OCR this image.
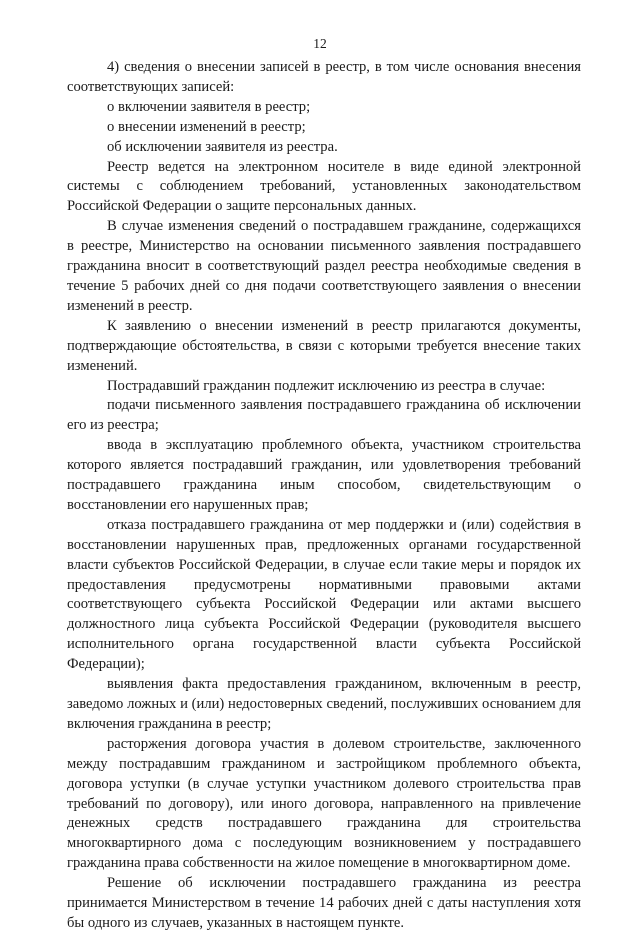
12

4) сведения о внесении записей в реестр, в том числе основания внесения соответствующих записей:

о включении заявителя в реестр;

о внесении изменений в реестр;

об исключении заявителя из реестра.

Реестр ведется на электронном носителе в виде единой электронной системы с соблюдением требований, установленных законодательством Российской Федерации о защите персональных данных.

В случае изменения сведений о пострадавшем гражданине, содержащихся в реестре, Министерство на основании письменного заявления пострадавшего гражданина вносит в соответствующий раздел реестра необходимые сведения в течение 5 рабочих дней со дня подачи соответствующего заявления о внесении изменений в реестр.

К заявлению о внесении изменений в реестр прилагаются документы, подтверждающие обстоятельства, в связи с которыми требуется внесение таких изменений.

Пострадавший гражданин подлежит исключению из реестра в случае:

подачи письменного заявления пострадавшего гражданина об исключении его из реестра;

ввода в эксплуатацию проблемного объекта, участником строительства которого является пострадавший гражданин, или удовлетворения требований пострадавшего гражданина иным способом, свидетельствующим о восстановлении его нарушенных прав;

отказа пострадавшего гражданина от мер поддержки и (или) содействия в восстановлении нарушенных прав, предложенных органами государственной власти субъектов Российской Федерации, в случае если такие меры и порядок их предоставления предусмотрены нормативными правовыми актами соответствующего субъекта Российской Федерации или актами высшего должностного лица субъекта Российской Федерации (руководителя высшего исполнительного органа государственной власти субъекта Российской Федерации);

выявления факта предоставления гражданином, включенным в реестр, заведомо ложных и (или) недостоверных сведений, послуживших основанием для включения гражданина в реестр;

расторжения договора участия в долевом строительстве, заключенного между пострадавшим гражданином и застройщиком проблемного объекта, договора уступки (в случае уступки участником долевого строительства прав требований по договору), или иного договора, направленного на привлечение денежных средств пострадавшего гражданина для строительства многоквартирного дома с последующим возникновением у пострадавшего гражданина права собственности на жилое помещение в многоквартирном доме.

Решение об исключении пострадавшего гражданина из реестра принимается Министерством в течение 14 рабочих дней с даты наступления хотя бы одного из случаев, указанных в настоящем пункте.
